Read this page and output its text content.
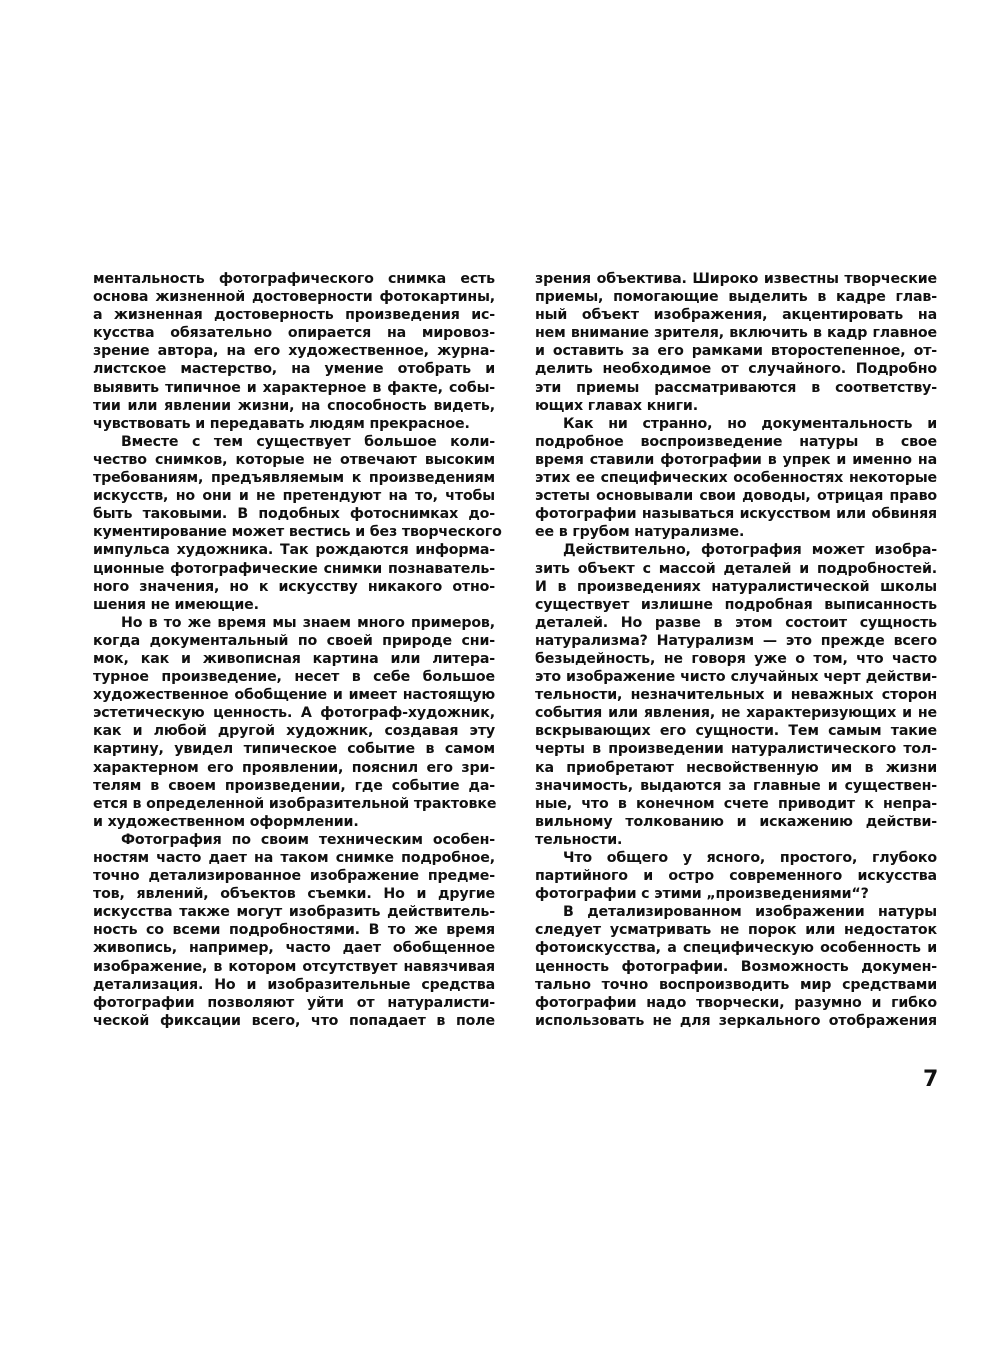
ментальность фотографического снимка есть
основа жизненной достоверности фотокартины,
а жизненная достоверность произведения ис-
кусства обязательно опирается на мировоз-
зрение автора, на его художественное, журна-
листское мастерство, на умение отобрать и
выявить типичное и характерное в факте, собы-
тии или явлении жизни, на способность видеть,
чувствовать и передавать людям прекрасное.
Вместе с тем существует большое коли-
чество снимков, которые не отвечают высоким
требованиям, предъявляемым к произведениям
искусств, но они и не претендуют на то, чтобы
быть таковыми. В подобных фотоснимках до-
кументирование может вестись и без творческого
импульса художника. Так рождаются информа-
ционные фотографические снимки познаватель-
ного значения, но к искусству никакого отно-
шения не имеющие.
Но в то же время мы знаем много примеров,
когда документальный по своей природе сни-
мок, как и живописная картина или литера-
турное произведение, несет в себе большое
художественное обобщение и имеет настоящую
эстетическую ценность. А фотограф-художник,
как и любой другой художник, создавая эту
картину, увидел типическое событие в самом
характерном его проявлении, пояснил его зри-
телям в своем произведении, где событие да-
ется в определенной изобразительной трактовке
и художественном оформлении.
Фотография по своим техническим особен-
ностям часто дает на таком снимке подробное,
точно детализированное изображение предме-
тов, явлений, объектов съемки. Но и другие
искусства также могут изобразить действитель-
ность со всеми подробностями. В то же время
живопись, например, часто дает обобщенное
изображение, в котором отсутствует навязчивая
детализация. Но и изобразительные средства
фотографии позволяют уйти от натуралисти-
ческой фиксации всего, что попадает в поле
зрения объектива. Широко известны творческие
приемы, помогающие выделить в кадре глав-
ный объект изображения, акцентировать на
нем внимание зрителя, включить в кадр главное
и оставить за его рамками второстепенное, от-
делить необходимое от случайного. Подробно
эти приемы рассматриваются в соответству-
ющих главах книги.
Как ни странно, но документальность и
подробное воспроизведение натуры в свое
время ставили фотографии в упрек и именно на
этих ее специфических особенностях некоторые
эстеты основывали свои доводы, отрицая право
фотографии называться искусством или обвиняя
ее в грубом натурализме.
Действительно, фотография может изобра-
зить объект с массой деталей и подробностей.
И в произведениях натуралистической школы
существует излишне подробная выписанность
деталей. Но разве в этом состоит сущность
натурализма? Натурализм — это прежде всего
безыдейность, не говоря уже о том, что часто
это изображение чисто случайных черт действи-
тельности, незначительных и неважных сторон
события или явления, не характеризующих и не
вскрывающих его сущности. Тем самым такие
черты в произведении натуралистического тол-
ка приобретают несвойственную им в жизни
значимость, выдаются за главные и существен-
ные, что в конечном счете приводит к непра-
вильному толкованию и искажению действи-
тельности.
Что общего у ясного, простого, глубоко
партийного и остро современного искусства
фотографии с этими „произведениями“?
В детализированном изображении натуры
следует усматривать не порок или недостаток
фотоискусства, а специфическую особенность и
ценность фотографии. Возможность докумен-
тально точно воспроизводить мир средствами
фотографии надо творчески, разумно и гибко
использовать не для зеркального отображения
7
